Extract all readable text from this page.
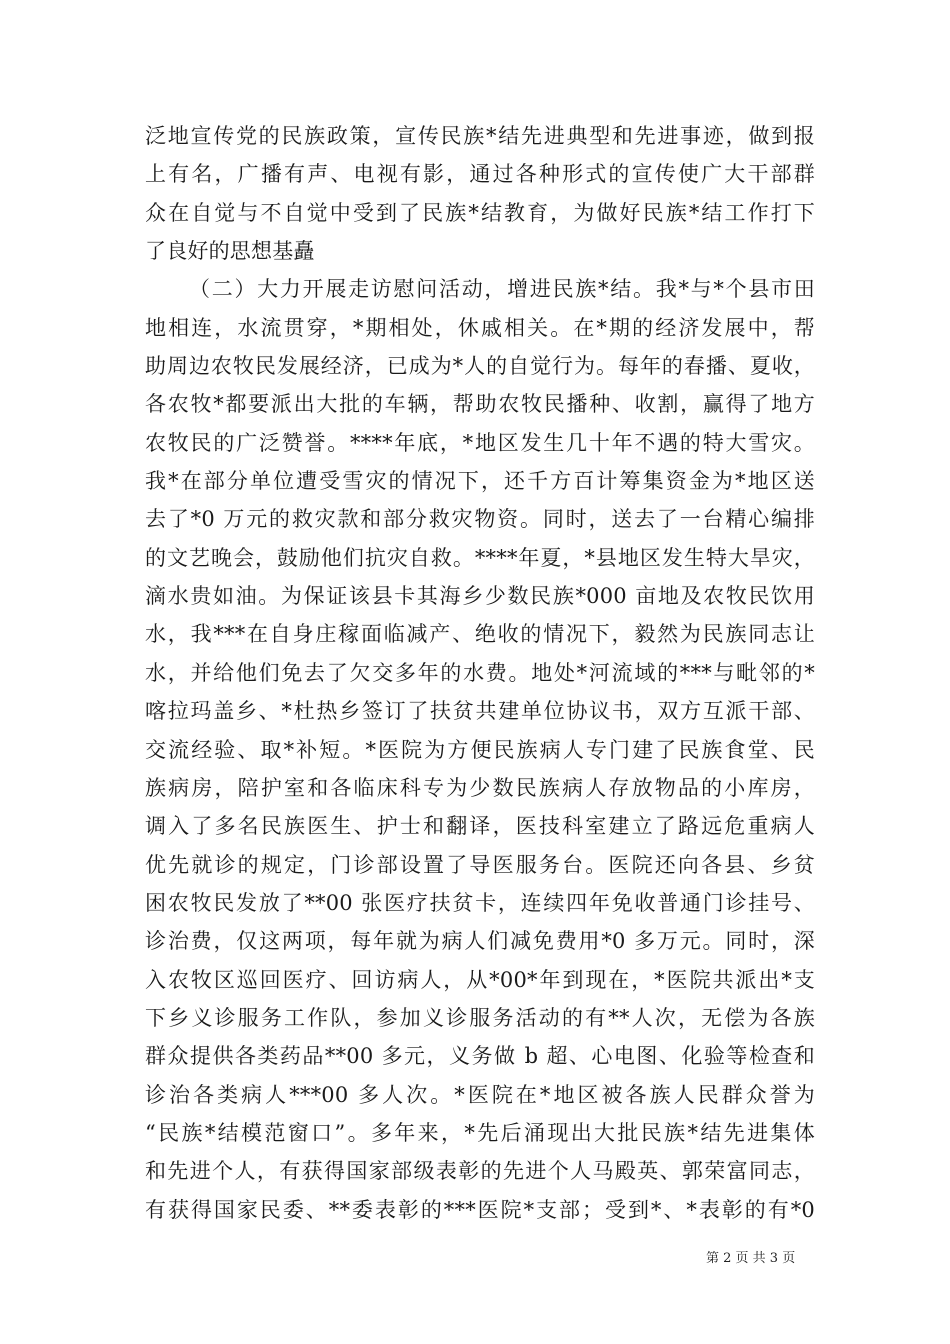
泛地宣传党的民族政策，宣传民族*结先进典型和先进事迹，做到报
上有名，广播有声、电视有影，通过各种形式的宣传使广大干部群
众在自觉与不自觉中受到了民族*结教育，为做好民族*结工作打下
了良好的思想基矗
（二）大力开展走访慰问活动，增进民族*结。我*与*个县市田
地相连，水流贯穿，*期相处，休戚相关。在*期的经济发展中，帮
助周边农牧民发展经济，已成为*人的自觉行为。每年的春播、夏收，
各农牧*都要派出大批的车辆，帮助农牧民播种、收割，赢得了地方
农牧民的广泛赞誉。****年底，*地区发生几十年不遇的特大雪灾。
我*在部分单位遭受雪灾的情况下，还千方百计筹集资金为*地区送
去了*0 万元的救灾款和部分救灾物资。同时，送去了一台精心编排
的文艺晚会，鼓励他们抗灾自救。****年夏，*县地区发生特大旱灾，
滴水贵如油。为保证该县卡其海乡少数民族*000 亩地及农牧民饮用
水，我***在自身庄稼面临减产、绝收的情况下，毅然为民族同志让
水，并给他们免去了欠交多年的水费。地处*河流域的***与毗邻的*
喀拉玛盖乡、*杜热乡签订了扶贫共建单位协议书，双方互派干部、
交流经验、取*补短。*医院为方便民族病人专门建了民族食堂、民
族病房，陪护室和各临床科专为少数民族病人存放物品的小库房，
调入了多名民族医生、护士和翻译，医技科室建立了路远危重病人
优先就诊的规定，门诊部设置了导医服务台。医院还向各县、乡贫
困农牧民发放了**00 张医疗扶贫卡，连续四年免收普通门诊挂号、
诊治费，仅这两项，每年就为病人们减免费用*0 多万元。同时，深
入农牧区巡回医疗、回访病人，从*00*年到现在，*医院共派出*支
下乡义诊服务工作队，参加义诊服务活动的有**人次，无偿为各族
群众提供各类药品**00 多元，义务做 b 超、心电图、化验等检查和
诊治各类病人***00 多人次。*医院在*地区被各族人民群众誉为
“民族*结模范窗口”。多年来，*先后涌现出大批民族*结先进集体
和先进个人，有获得国家部级表彰的先进个人马殿英、郭荣富同志，
有获得国家民委、**委表彰的***医院*支部；受到*、*表彰的有*0
第 2 页 共 3 页
